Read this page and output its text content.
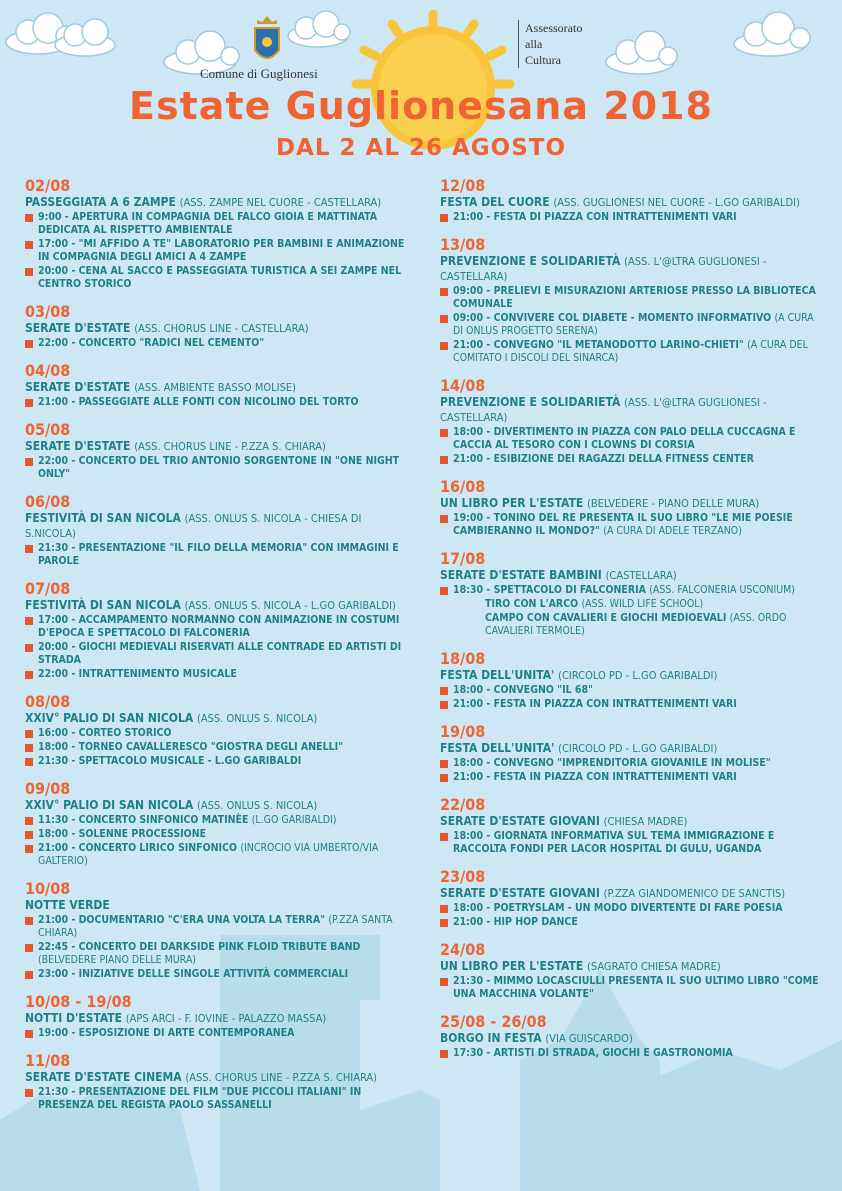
Comune di Guglionesi
Assessorato
alla
Cultura
Estate Guglionesana 2018
DAL 2 AL 26 AGOSTO
02/08
PASSEGGIATA A 6 ZAMPE (ASS. ZAMPE NEL CUORE - CASTELLARA)
9:00 - APERTURA IN COMPAGNIA DEL FALCO GIOIA E MATTINATA DEDICATA AL RISPETTO AMBIENTALE
17:00 - "MI AFFIDO A TE" LABORATORIO PER BAMBINI E ANIMAZIONE IN COMPAGNIA DEGLI AMICI A 4 ZAMPE
20:00 - CENA AL SACCO E PASSEGGIATA TURISTICA A SEI ZAMPE NEL CENTRO STORICO
03/08
SERATE D'ESTATE (ASS. CHORUS LINE - CASTELLARA)
22:00 - CONCERTO "RADICI NEL CEMENTO"
04/08
SERATE D'ESTATE (ASS. AMBIENTE BASSO MOLISE)
21:00 - PASSEGGIATE ALLE FONTI CON NICOLINO DEL TORTO
05/08
SERATE D'ESTATE (ASS. CHORUS LINE - P.ZZA S. CHIARA)
22:00 - CONCERTO DEL TRIO ANTONIO SORGENTONE IN "ONE NIGHT ONLY"
06/08
FESTIVITÀ DI SAN NICOLA (ASS. ONLUS S. NICOLA - CHIESA DI S.NICOLA)
21:30 - PRESENTAZIONE "IL FILO DELLA MEMORIA" CON IMMAGINI E PAROLE
07/08
FESTIVITÀ DI SAN NICOLA (ASS. ONLUS S. NICOLA - L.GO GARIBALDI)
17:00 - ACCAMPAMENTO NORMANNO CON ANIMAZIONE IN COSTUMI D'EPOCA E SPETTACOLO DI FALCONERIA
20:00 - GIOCHI MEDIEVALI RISERVATI ALLE CONTRADE ED ARTISTI DI STRADA
22:00 - INTRATTENIMENTO MUSICALE
08/08
XXIV° PALIO DI SAN NICOLA (ASS. ONLUS S. NICOLA)
16:00 - CORTEO STORICO
18:00 - TORNEO CAVALLERESCO "GIOSTRA DEGLI ANELLI"
21:30 - SPETTACOLO MUSICALE - L.GO GARIBALDI
09/08
XXIV° PALIO DI SAN NICOLA (ASS. ONLUS S. NICOLA)
11:30 - CONCERTO SINFONICO MATINÈE (L.GO GARIBALDI)
18:00 - SOLENNE PROCESSIONE
21:00 - CONCERTO LIRICO SINFONICO (INCROCIO VIA UMBERTO/VIA GALTERIO)
10/08
NOTTE VERDE
21:00 - DOCUMENTARIO "C'ERA UNA VOLTA LA TERRA" (P.ZZA SANTA CHIARA)
22:45 - CONCERTO DEI DARKSIDE PINK FLOID TRIBUTE BAND (BELVEDERE PIANO DELLE MURA)
23:00 - INIZIATIVE DELLE SINGOLE ATTIVITÀ COMMERCIALI
10/08 - 19/08
NOTTI D'ESTATE (APS ARCI - F. IOVINE - PALAZZO MASSA)
19:00 - ESPOSIZIONE DI ARTE CONTEMPORANEA
11/08
SERATE D'ESTATE CINEMA (ASS. CHORUS LINE - P.ZZA S. CHIARA)
21:30 - PRESENTAZIONE DEL FILM "DUE PICCOLI ITALIANI" IN PRESENZA DEL REGISTA PAOLO SASSANELLI
12/08
FESTA DEL CUORE (ASS. GUGLIONESI NEL CUORE - L.GO GARIBALDI)
21:00 - FESTA DI PIAZZA CON INTRATTENIMENTI VARI
13/08
PREVENZIONE E SOLIDARIETÀ (ASS. L'@LTRA GUGLIONESI - CASTELLARA)
09:00 - PRELIEVI E MISURAZIONI ARTERIOSE PRESSO LA BIBLIOTECA COMUNALE
09:00 - CONVIVERE COL DIABETE - MOMENTO INFORMATIVO (A CURA DI ONLUS PROGETTO SERENA)
21:00 - CONVEGNO "IL METANODOTTO LARINO-CHIETI" (A CURA DEL COMITATO I DISCOLI DEL SINARCA)
14/08
PREVENZIONE E SOLIDARIETÀ (ASS. L'@LTRA GUGLIONESI - CASTELLARA)
18:00 - DIVERTIMENTO IN PIAZZA CON PALO DELLA CUCCAGNA E CACCIA AL TESORO CON I CLOWNS DI CORSIA
21:00 - ESIBIZIONE DEI RAGAZZI DELLA FITNESS CENTER
16/08
UN LIBRO PER L'ESTATE (BELVEDERE - PIANO DELLE MURA)
19:00 - TONINO DEL RE PRESENTA IL SUO LIBRO "LE MIE POESIE CAMBIERANNO IL MONDO?" (A CURA DI ADELE TERZANO)
17/08
SERATE D'ESTATE BAMBINI (CASTELLARA)
18:30 - SPETTACOLO DI FALCONERIA (ASS. FALCONERIA USCONIUM)
TIRO CON L'ARCO (ASS. WILD LIFE SCHOOL)
CAMPO CON CAVALIERI E GIOCHI MEDIOEVALI (ASS. ORDO CAVALIERI TERMOLE)
18/08
FESTA DELL'UNITA' (CIRCOLO PD - L.GO GARIBALDI)
18:00 - CONVEGNO "IL 68"
21:00 - FESTA IN PIAZZA CON INTRATTENIMENTI VARI
19/08
FESTA DELL'UNITA' (CIRCOLO PD - L.GO GARIBALDI)
18:00 - CONVEGNO "IMPRENDITORIA GIOVANILE IN MOLISE"
21:00 - FESTA IN PIAZZA CON INTRATTENIMENTI VARI
22/08
SERATE D'ESTATE GIOVANI (CHIESA MADRE)
18:00 - GIORNATA INFORMATIVA SUL TEMA IMMIGRAZIONE E RACCOLTA FONDI PER LACOR HOSPITAL DI GULU, UGANDA
23/08
SERATE D'ESTATE GIOVANI (P.ZZA GIANDOMENICO DE SANCTIS)
18:00 - POETRYSLAM - UN MODO DIVERTENTE DI FARE POESIA
21:00 - HIP HOP DANCE
24/08
UN LIBRO PER L'ESTATE (SAGRATO CHIESA MADRE)
21:30 - MIMMO LOCASCIULLI PRESENTA IL SUO ULTIMO LIBRO "COME UNA MACCHINA VOLANTE"
25/08 - 26/08
BORGO IN FESTA (VIA GUISCARDO)
17:30 - ARTISTI DI STRADA, GIOCHI E GASTRONOMIA
